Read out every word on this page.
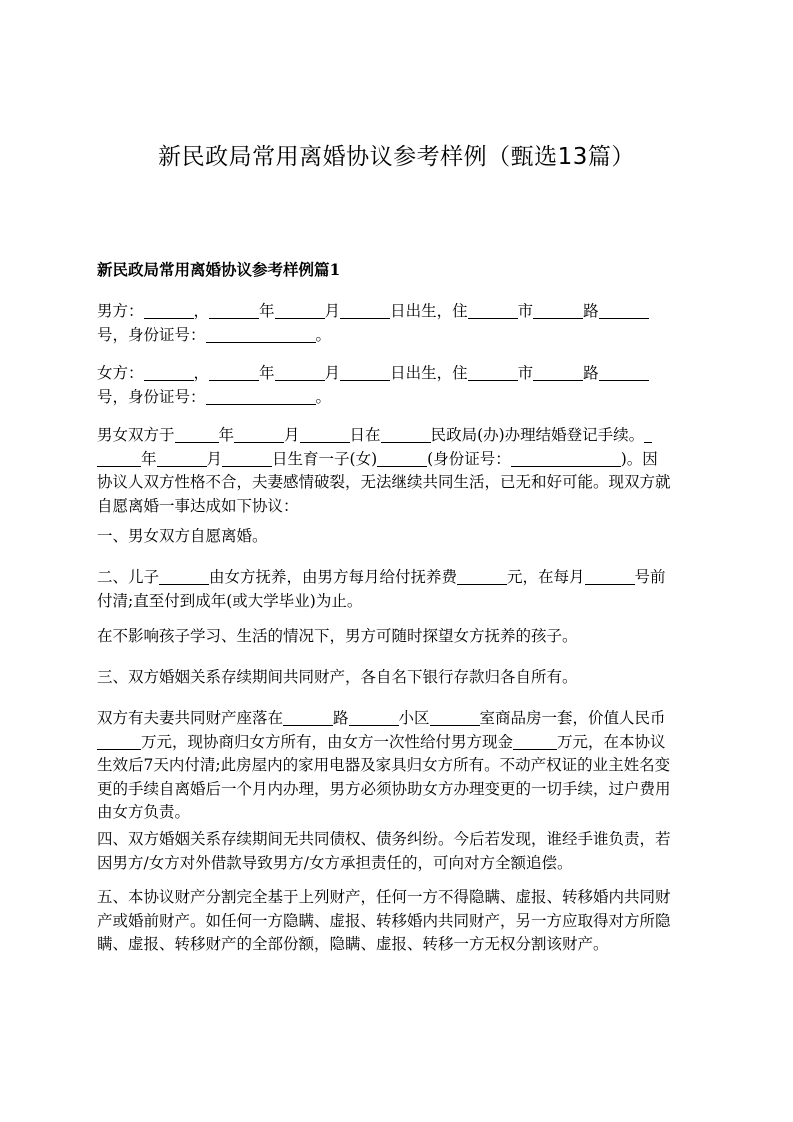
新民政局常用离婚协议参考样例（甄选13篇）
新民政局常用离婚协议参考样例篇1
男方：	，	年	月	日出生，住	市	路
号，身份证号：	。
女方：	，	年	月	日出生，住	市	路
号，身份证号：	。
男女双方于	年	月	日在	民政局(办)办理结婚登记手续。
年	月	日生育一子(女)	(身份证号：	)。因
协议人双方性格不合，夫妻感情破裂，无法继续共同生活，已无和好可能。现双方就
自愿离婚一事达成如下协议：
一、男女双方自愿离婚。
二、儿子	由女方抚养，由男方每月给付抚养费	元，在每月	号前
付清;直至付到成年(或大学毕业)为止。
在不影响孩子学习、生活的情况下，男方可随时探望女方抚养的孩子。
三、双方婚姻关系存续期间共同财产，各自名下银行存款归各自所有。
双方有夫妻共同财产座落在	路	小区	室商品房一套，价值人民币
万元，现协商归女方所有，由女方一次性给付男方现金	万元，在本协议
生效后7天内付清;此房屋内的家用电器及家具归女方所有。不动产权证的业主姓名变
更的手续自离婚后一个月内办理，男方必须协助女方办理变更的一切手续，过户费用
由女方负责。
四、双方婚姻关系存续期间无共同债权、债务纠纷。今后若发现，谁经手谁负责，若
因男方/女方对外借款导致男方/女方承担责任的，可向对方全额追偿。
五、本协议财产分割完全基于上列财产，任何一方不得隐瞒、虚报、转移婚内共同财
产或婚前财产。如任何一方隐瞒、虚报、转移婚内共同财产，另一方应取得对方所隐
瞒、虚报、转移财产的全部份额，隐瞒、虚报、转移一方无权分割该财产。
